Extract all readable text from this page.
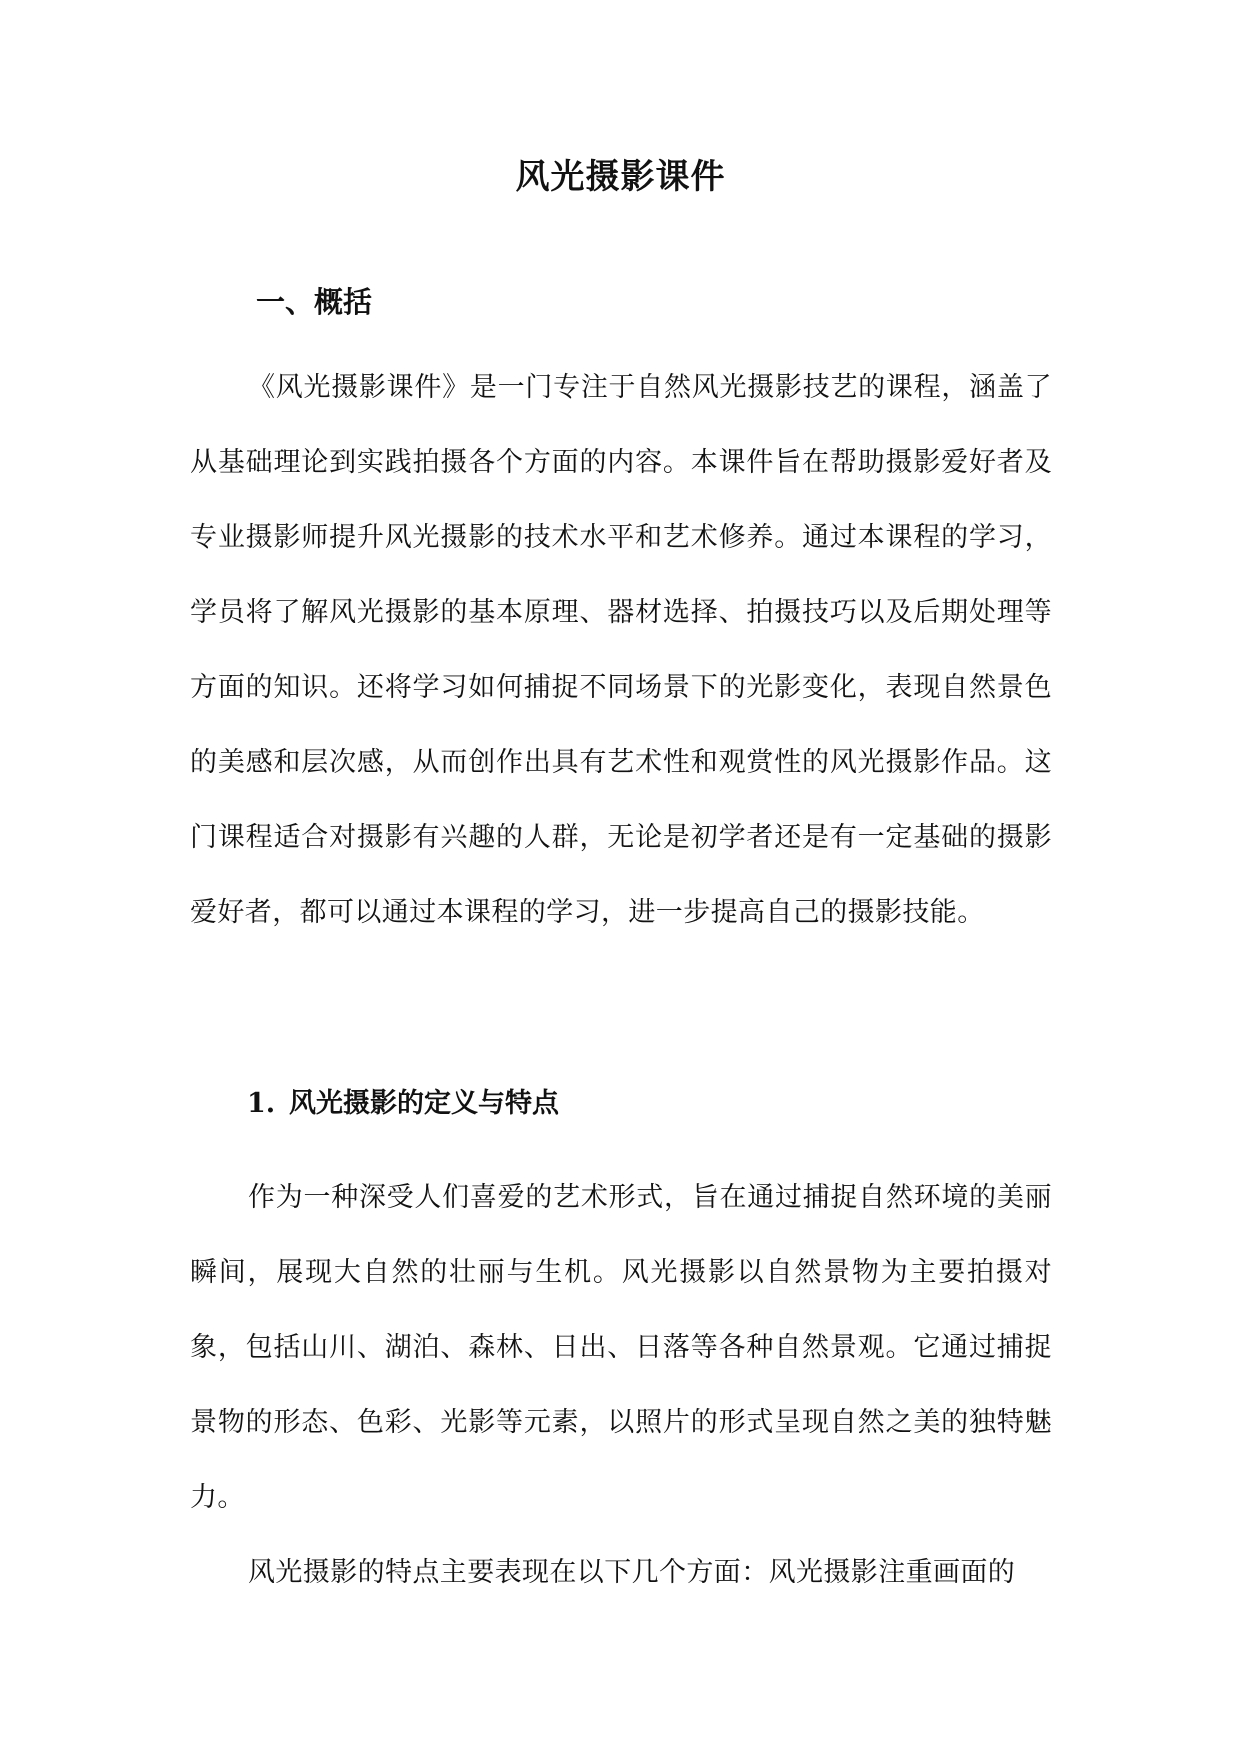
风光摄影课件
一、概括

《风光摄影课件》是一门专注于自然风光摄影技艺的课程，涵盖了从基础理论到实践拍摄各个方面的内容。本课件旨在帮助摄影爱好者及专业摄影师提升风光摄影的技术水平和艺术修养。通过本课程的学习，学员将了解风光摄影的基本原理、器材选择、拍摄技巧以及后期处理等方面的知识。还将学习如何捕捉不同场景下的光影变化，表现自然景色的美感和层次感，从而创作出具有艺术性和观赏性的风光摄影作品。这门课程适合对摄影有兴趣的人群，无论是初学者还是有一定基础的摄影爱好者，都可以通过本课程的学习，进一步提高自己的摄影技能。

1. 风光摄影的定义与特点

作为一种深受人们喜爱的艺术形式，旨在通过捕捉自然环境的美丽瞬间，展现大自然的壮丽与生机。风光摄影以自然景物为主要拍摄对象，包括山川、湖泊、森林、日出、日落等各种自然景观。它通过捕捉景物的形态、色彩、光影等元素，以照片的形式呈现自然之美的独特魅力。

风光摄影的特点主要表现在以下几个方面：风光摄影注重画面的
